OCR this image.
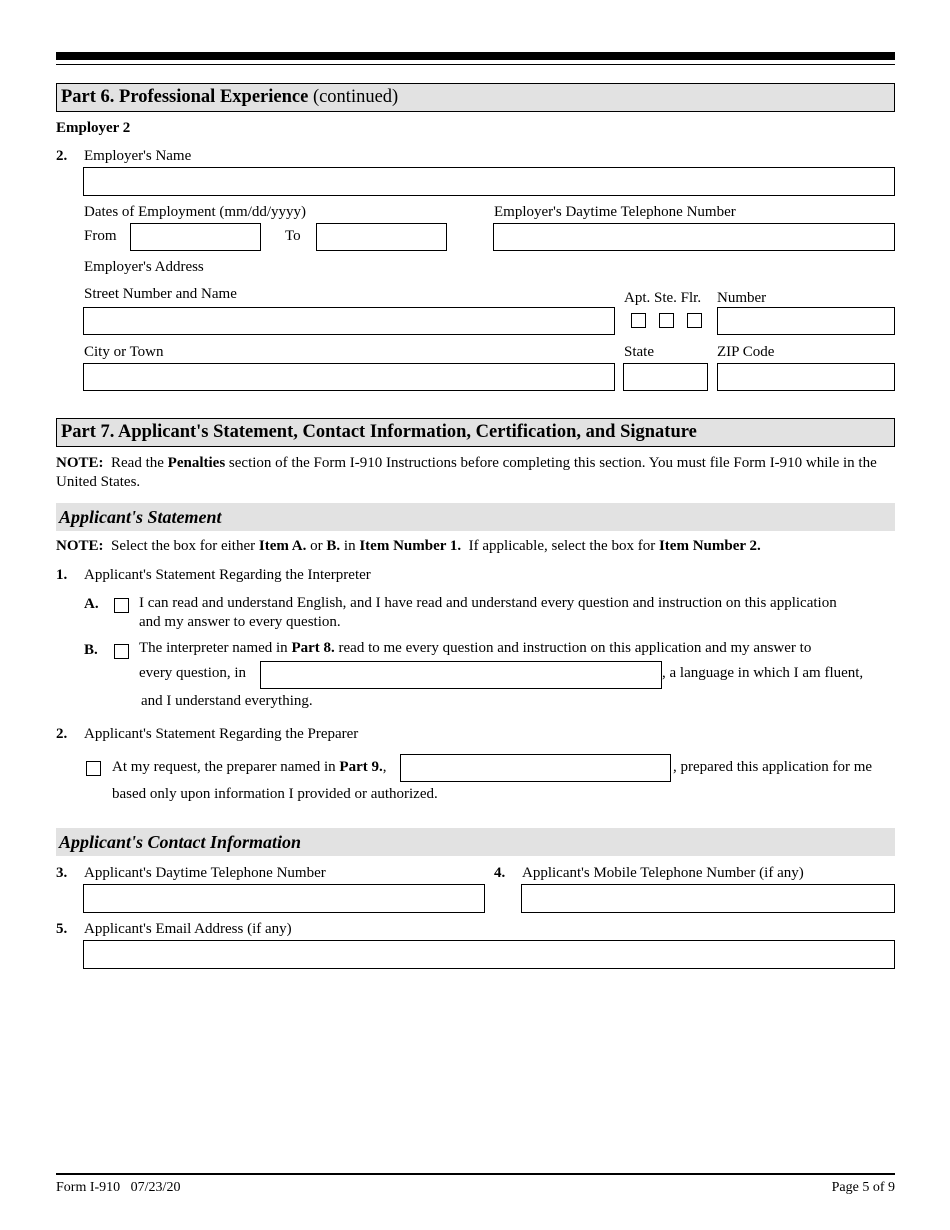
Part 6. Professional Experience (continued)
Employer 2
2. Employer's Name
Dates of Employment (mm/dd/yyyy)
From	To
Employer's Daytime Telephone Number
Employer's Address
Street Number and Name	Apt. Ste. Flr. Number
City or Town	State	ZIP Code
Part 7. Applicant's Statement, Contact Information, Certification, and Signature
NOTE:  Read the Penalties section of the Form I-910 Instructions before completing this section. You must file Form I-910 while in the United States.
Applicant's Statement
NOTE:  Select the box for either Item A. or B. in Item Number 1.  If applicable, select the box for Item Number 2.
1. Applicant's Statement Regarding the Interpreter
A.	I can read and understand English, and I have read and understand every question and instruction on this application
and my answer to every question.
B.	The interpreter named in Part 8. read to me every question and instruction on this application and my answer to
every question, in	, a language in which I am fluent,
and I understand everything.
2. Applicant's Statement Regarding the Preparer
At my request, the preparer named in Part 9.,	, prepared this application for me
based only upon information I provided or authorized.
Applicant's Contact Information
3. Applicant's Daytime Telephone Number	4. Applicant's Mobile Telephone Number (if any)
5. Applicant's Email Address (if any)
Form I-910   07/23/20	Page 5 of 9
